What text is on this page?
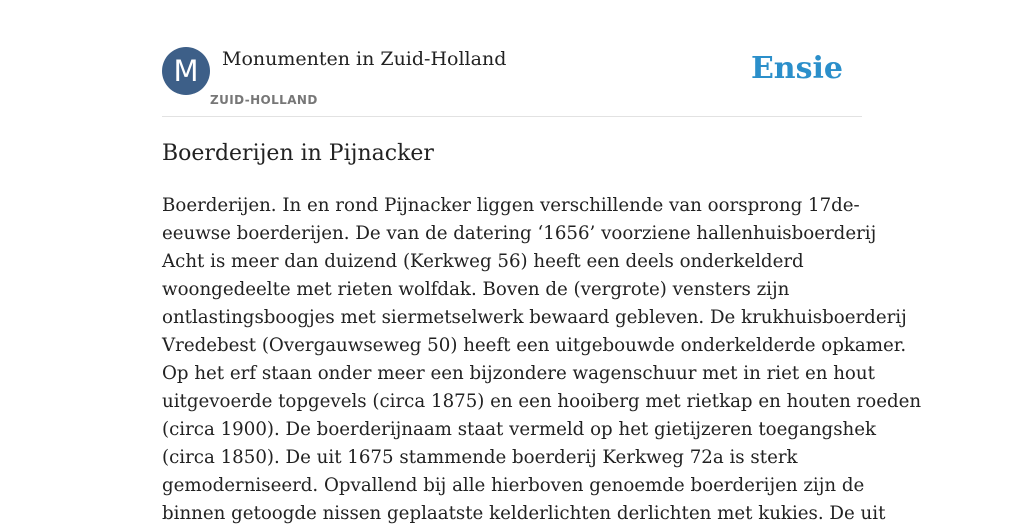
M	Monumenten in Zuid-Holland
ZUID-HOLLAND
Ensie
Boerderijen in Pijnacker
Boerderijen. In en rond Pijnacker liggen verschillende van oorsprong 17de-
eeuwse boerderijen. De van de datering ‘1656’ voorziene hallenhuisboerderij
Acht is meer dan duizend (Kerkweg 56) heeft een deels onderkelderd
woongedeelte met rieten wolfdak. Boven de (vergrote) vensters zijn
ontlastingsboogjes met siermetselwerk bewaard gebleven. De krukhuisboerderij
Vredebest (Overgauwseweg 50) heeft een uitgebouwde onderkelderde opkamer.
Op het erf staan onder meer een bijzondere wagenschuur met in riet en hout
uitgevoerde topgevels (circa 1875) en een hooiberg met rietkap en houten roeden
(circa 1900). De boerderijnaam staat vermeld op het gietijzeren toegangshek
(circa 1850). De uit 1675 stammende boerderij Kerkweg 72a is sterk
gemoderniseerd. Opvallend bij alle hierboven genoemde boerderijen zijn de
binnen getoogde nissen geplaatste kelderlichten derlichten met kukies. De uit
